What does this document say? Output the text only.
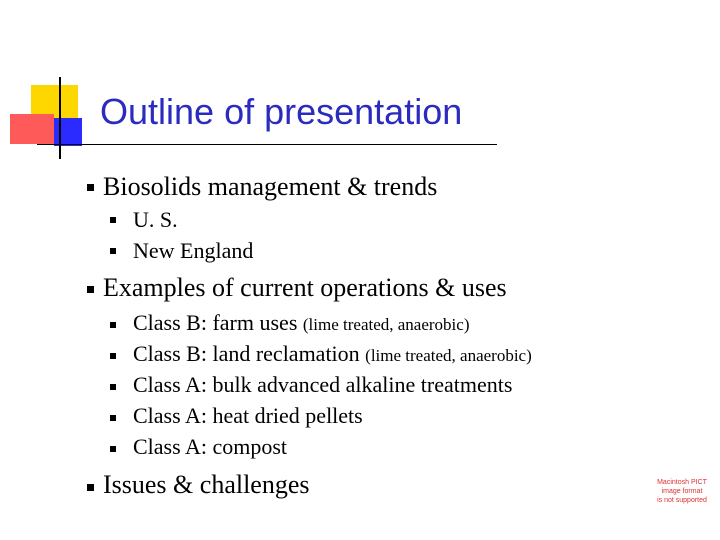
Outline of presentation
Biosolids management & trends
U. S.
New England
Examples of current operations & uses
Class B: farm uses (lime treated, anaerobic)
Class B: land reclamation (lime treated, anaerobic)
Class A: bulk advanced alkaline treatments
Class A: heat dried pellets
Class A: compost
Issues & challenges	Macintosh PICT
image format
is not supported
